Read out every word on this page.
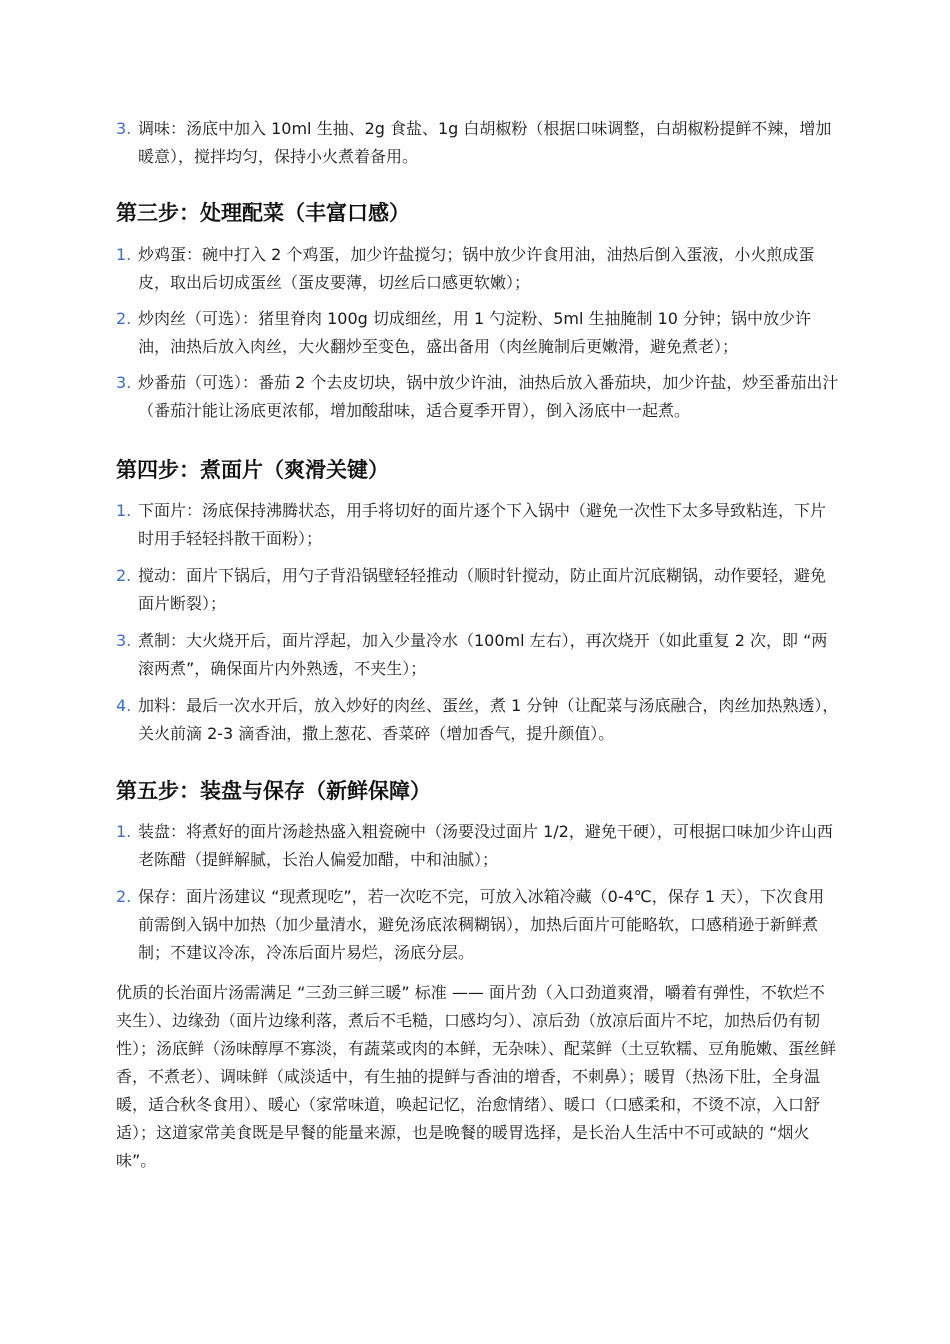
3. 调味：汤底中加入 10ml 生抽、2g 食盐、1g 白胡椒粉（根据口味调整，白胡椒粉提鲜不辣，增加暖意），搅拌均匀，保持小火煮着备用。
第三步：处理配菜（丰富口感）
1. 炒鸡蛋：碗中打入 2 个鸡蛋，加少许盐搅匀；锅中放少许食用油，油热后倒入蛋液，小火煎成蛋皮，取出后切成蛋丝（蛋皮要薄，切丝后口感更软嫩）；
2. 炒肉丝（可选）：猪里脊肉 100g 切成细丝，用 1 勺淀粉、5ml 生抽腌制 10 分钟；锅中放少许油，油热后放入肉丝，大火翻炒至变色，盛出备用（肉丝腌制后更嫩滑，避免煮老）；
3. 炒番茄（可选）：番茄 2 个去皮切块，锅中放少许油，油热后放入番茄块，加少许盐，炒至番茄出汁（番茄汁能让汤底更浓郁，增加酸甜味，适合夏季开胃），倒入汤底中一起煮。
第四步：煮面片（爽滑关键）
1. 下面片：汤底保持沸腾状态，用手将切好的面片逐个下入锅中（避免一次性下太多导致粘连，下片时用手轻轻抖散干面粉）；
2. 搅动：面片下锅后，用勺子背沿锅壁轻轻推动（顺时针搅动，防止面片沉底糊锅，动作要轻，避免面片断裂）；
3. 煮制：大火烧开后，面片浮起，加入少量冷水（100ml 左右），再次烧开（如此重复 2 次，即 “两滚两煮”，确保面片内外熟透，不夹生）；
4. 加料：最后一次水开后，放入炒好的肉丝、蛋丝，煮 1 分钟（让配菜与汤底融合，肉丝加热熟透），关火前滴 2-3 滴香油，撒上葱花、香菜碎（增加香气，提升颜值）。
第五步：装盘与保存（新鲜保障）
1. 装盘：将煮好的面片汤趁热盛入粗瓷碗中（汤要没过面片 1/2，避免干硬），可根据口味加少许山西老陈醋（提鲜解腻，长治人偏爱加醋，中和油腻）；
2. 保存：面片汤建议 “现煮现吃”，若一次吃不完，可放入冰箱冷藏（0-4℃，保存 1 天），下次食用前需倒入锅中加热（加少量清水，避免汤底浓稠糊锅），加热后面片可能略软，口感稍逊于新鲜煮制；不建议冷冻，冷冻后面片易烂，汤底分层。

优质的长治面片汤需满足 “三劲三鲜三暖” 标准 —— 面片劲（入口劲道爽滑，嚼着有弹性，不软烂不夹生）、边缘劲（面片边缘利落，煮后不毛糙，口感均匀）、凉后劲（放凉后面片不坨，加热后仍有韧性）；汤底鲜（汤味醇厚不寡淡，有蔬菜或肉的本鲜，无杂味）、配菜鲜（土豆软糯、豆角脆嫩、蛋丝鲜香，不煮老）、调味鲜（咸淡适中，有生抽的提鲜与香油的增香，不刺鼻）；暖胃（热汤下肚，全身温暖，适合秋冬食用）、暖心（家常味道，唤起记忆，治愈情绪）、暖口（口感柔和，不烫不凉，入口舒适）；这道家常美食既是早餐的能量来源，也是晚餐的暖胃选择，是长治人生活中不可或缺的 “烟火味”。
